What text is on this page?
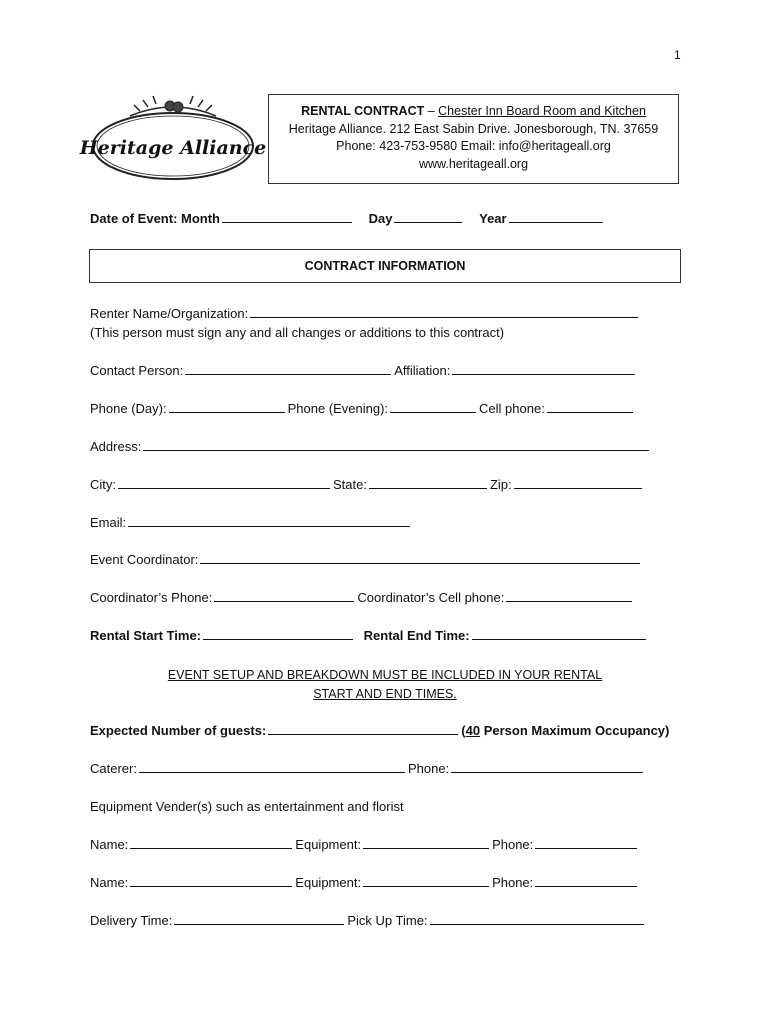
1
Heritage Alliance
RENTAL CONTRACT – Chester Inn Board Room and Kitchen
Heritage Alliance. 212 East Sabin Drive. Jonesborough, TN. 37659
Phone: 423-753-9580 Email: info@heritageall.org
www.heritageall.org
Date of Event: Month	Day	Year
CONTRACT INFORMATION
Renter Name/Organization:
(This person must sign any and all changes or additions to this contract)
Contact Person:	Affiliation:
Phone (Day):	Phone (Evening):	Cell phone:
Address:
City:	State:	Zip:
Email:
Event Coordinator:
Coordinator’s Phone:	Coordinator’s Cell phone:
Rental Start Time:	Rental End Time:
EVENT SETUP AND BREAKDOWN MUST BE INCLUDED IN YOUR RENTAL
START AND END TIMES.
Expected Number of guests:	(40 Person Maximum Occupancy)
Caterer:	Phone:
Equipment Vender(s) such as entertainment and florist
Name:	Equipment:	Phone:
Name:	Equipment:	Phone:
Delivery Time:	Pick Up Time:
